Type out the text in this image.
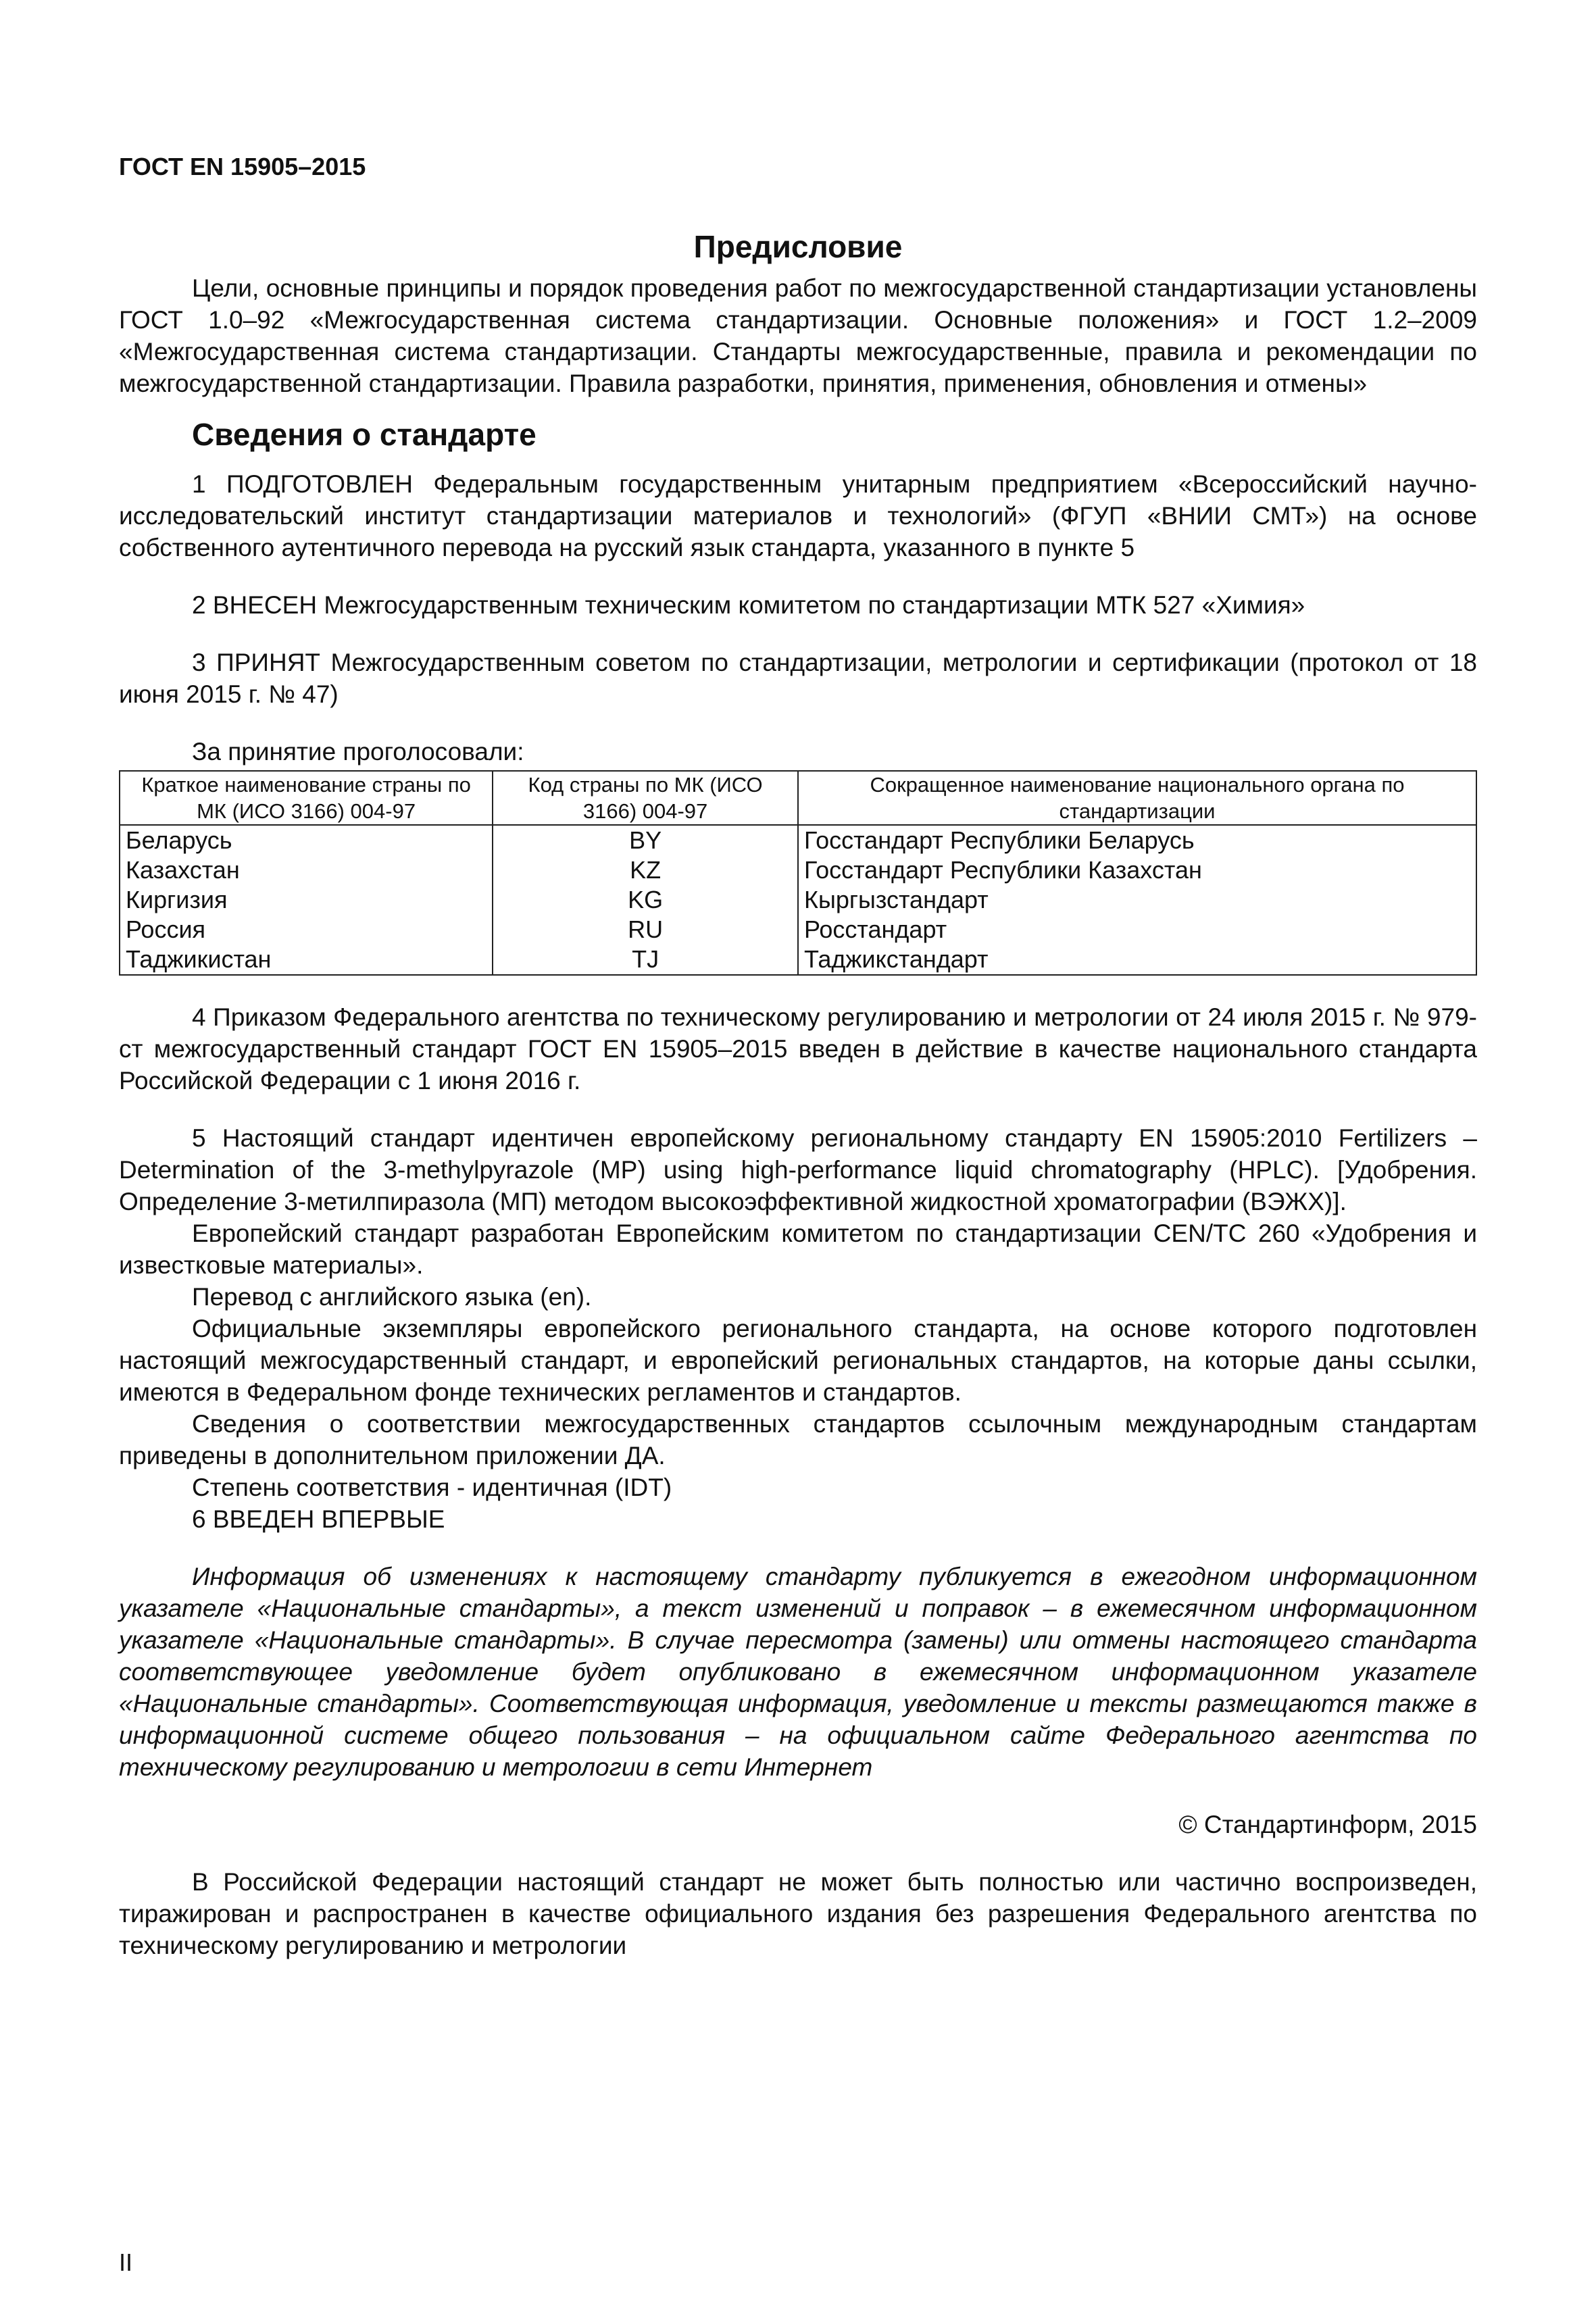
ГОСТ EN 15905–2015
Предисловие

Цели, основные принципы и порядок проведения работ по межгосударственной стандартизации установлены ГОСТ 1.0–92 «Межгосударственная система стандартизации. Основные положения» и ГОСТ 1.2–2009 «Межгосударственная система стандартизации. Стандарты межгосударственные, правила и рекомендации по межгосударственной стандартизации. Правила разработки, принятия, применения, обновления и отмены»

Сведения о стандарте

1 ПОДГОТОВЛЕН Федеральным государственным унитарным предприятием «Всероссийский научно-исследовательский институт стандартизации материалов и технологий» (ФГУП «ВНИИ СМТ») на основе собственного аутентичного перевода на русский язык стандарта, указанного в пункте 5

2 ВНЕСЕН Межгосударственным техническим комитетом по стандартизации МТК 527 «Химия»

3 ПРИНЯТ Межгосударственным советом по стандартизации, метрологии и сертификации (протокол от 18 июня 2015 г. № 47)

За принятие проголосовали:

Краткое наименование страны по МК (ИСО 3166) 004-97	Код страны по МК (ИСО 3166) 004-97	Сокращенное наименование национального органа по стандартизации
Беларусь	BY	Госстандарт Республики Беларусь
Казахстан	KZ	Госстандарт Республики Казахстан
Киргизия	KG	Кыргызстандарт
Россия	RU	Росстандарт
Таджикистан	TJ	Таджикстандарт

4 Приказом Федерального агентства по техническому регулированию и метрологии от 24 июля 2015 г. № 979-ст межгосударственный стандарт ГОСТ EN 15905–2015 введен в действие в качестве национального стандарта Российской Федерации с 1 июня 2016 г.

5 Настоящий стандарт идентичен европейскому региональному стандарту EN 15905:2010 Fertilizers – Determination of the 3-methylpyrazole (MP) using high-performance liquid chromatography (HPLC). [Удобрения. Определение 3-метилпиразола (МП) методом высокоэффективной жидкостной хроматографии (ВЭЖХ)].

Европейский стандарт разработан Европейским комитетом по стандартизации CEN/TC 260 «Удобрения и известковые материалы».

Перевод с английского языка (en).

Официальные экземпляры европейского регионального стандарта, на основе которого подготовлен настоящий межгосударственный стандарт, и европейский региональных стандартов, на которые даны ссылки, имеются в Федеральном фонде технических регламентов и стандартов.

Сведения о соответствии межгосударственных стандартов ссылочным международным стандартам приведены в дополнительном приложении ДА.

Степень соответствия - идентичная (IDT)

6 ВВЕДЕН ВПЕРВЫЕ

Информация об изменениях к настоящему стандарту публикуется в ежегодном информационном указателе «Национальные стандарты», а текст изменений и поправок – в ежемесячном информационном указателе «Национальные стандарты». В случае пересмотра (замены) или отмены настоящего стандарта соответствующее уведомление будет опубликовано в ежемесячном информационном указателе «Национальные стандарты». Соответствующая информация, уведомление и тексты размещаются также в информационной системе общего пользования – на официальном сайте Федерального агентства по техническому регулированию и метрологии в сети Интернет

© Стандартинформ, 2015

В Российской Федерации настоящий стандарт не может быть полностью или частично воспроизведен, тиражирован и распространен в качестве официального издания без разрешения Федерального агентства по техническому регулированию и метрологии

II
